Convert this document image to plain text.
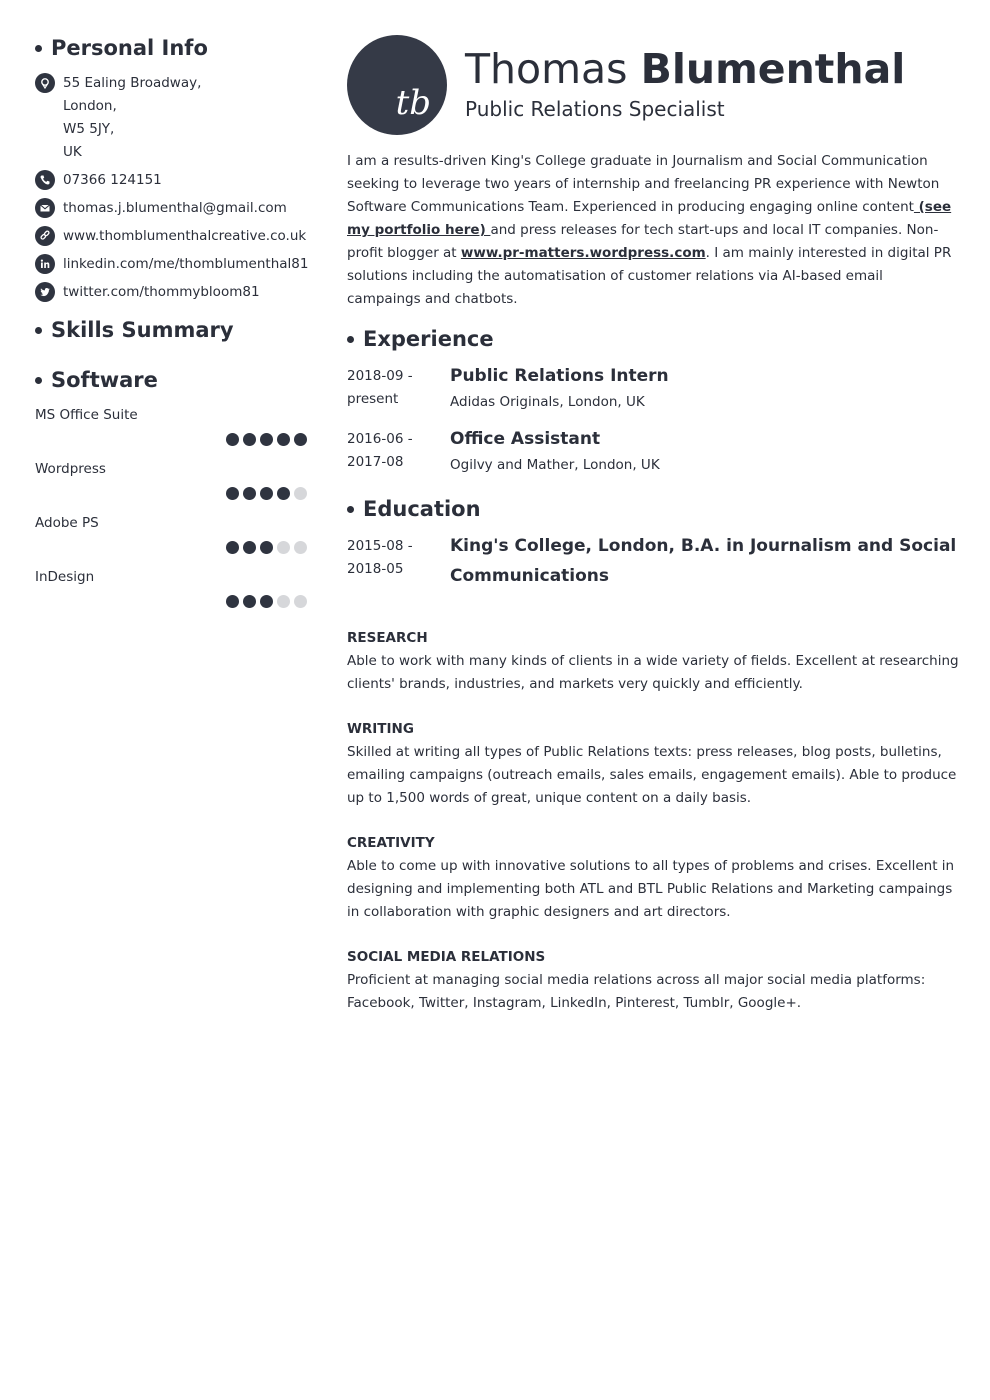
Personal Info
55 Ealing Broadway,
London,
W5 5JY,
UK
07366 124151
thomas.j.blumenthal@gmail.com
www.thomblumenthalcreative.co.uk
linkedin.com/me/thomblumenthal81
twitter.com/thommybloom81
Skills Summary
Software
MS Office Suite
Wordpress
Adobe PS
InDesign
tb
Thomas Blumenthal
Public Relations Specialist
I am a results-driven King's College graduate in Journalism and Social Communication seeking to leverage two years of internship and freelancing PR experience with Newton Software Communications Team. Experienced in producing engaging online content (see my portfolio here) and press releases for tech start-ups and local IT companies. Non-profit blogger at www.pr-matters.wordpress.com. I am mainly interested in digital PR solutions including the automatisation of customer relations via AI-based email campaings and chatbots.
Experience
2018-09 - present
Public Relations Intern
Adidas Originals, London, UK
2016-06 - 2017-08
Office Assistant
Ogilvy and Mather, London, UK
Education
2015-08 - 2018-05
King's College, London, B.A. in Journalism and Social Communications
RESEARCH
Able to work with many kinds of clients in a wide variety of fields. Excellent at researching clients' brands, industries, and markets very quickly and efficiently.
WRITING
Skilled at writing all types of Public Relations texts: press releases, blog posts, bulletins, emailing campaigns (outreach emails, sales emails, engagement emails). Able to produce up to 1,500 words of great, unique content on a daily basis.
CREATIVITY
Able to come up with innovative solutions to all types of problems and crises. Excellent in designing and implementing both ATL and BTL Public Relations and Marketing campaings in collaboration with graphic designers and art directors.
SOCIAL MEDIA RELATIONS
Proficient at managing social media relations across all major social media platforms: Facebook, Twitter, Instagram, LinkedIn, Pinterest, Tumblr, Google+.
